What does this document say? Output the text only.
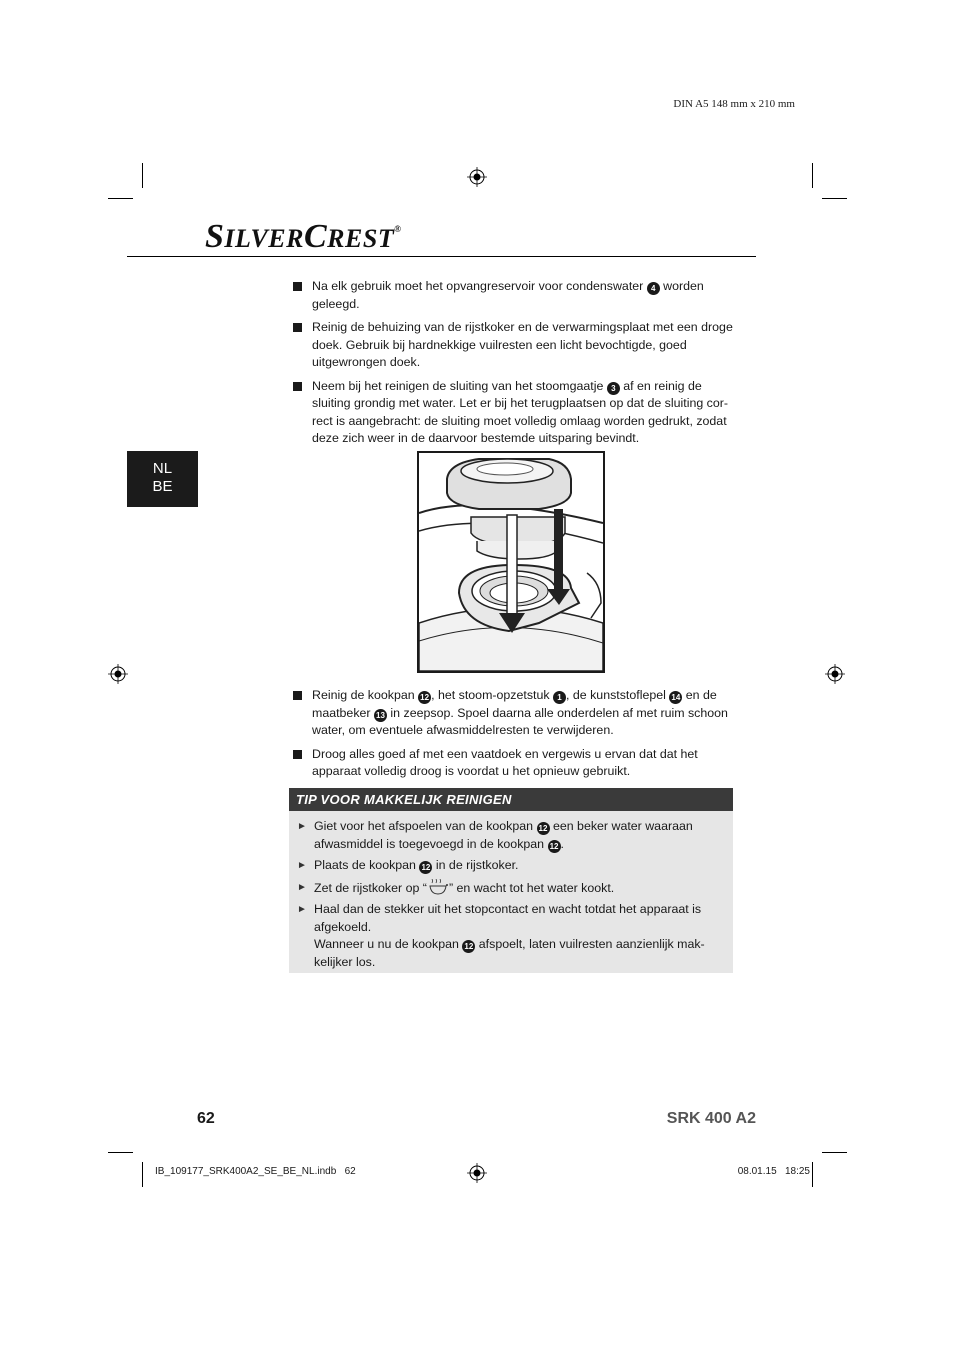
DIN A5 148 mm x 210 mm
SILVERCREST®
NL
BE
Na elk gebruik moet het opvangreservoir voor condenswater 4 worden geleegd.
Reinig de behuizing van de rijstkoker en de verwarmingsplaat met een droge doek. Gebruik bij hardnekkige vuilresten een licht bevochtigde, goed uitgewrongen doek.
Neem bij het reinigen de sluiting van het stoomgaatje 3 af en reinig de sluiting grondig met water. Let er bij het terugplaatsen op dat de sluiting cor-rect is aangebracht: de sluiting moet volledig omlaag worden gedrukt, zodat deze zich weer in de daarvoor bestemde uitsparing bevindt.
Reinig de kookpan 12 , het stoom-opzetstuk 1 , de kunststoflepel 14 en de maatbeker 13 in zeepsop. Spoel daarna alle onderdelen af met ruim schoon water, om eventuele afwasmiddelresten te verwijderen.
Droog alles goed af met een vaatdoek en vergewis u ervan dat dat het apparaat volledig droog is voordat u het opnieuw gebruikt.
TIP VOOR MAKKELIJK REINIGEN
► Giet voor het afspoelen van de kookpan 12 een beker water waaraan afwasmiddel is toegevoegd in de kookpan 12 .
► Plaats de kookpan 12 in de rijstkoker.
► Zet de rijstkoker op “ ” en wacht tot het water kookt.
► Haal dan de stekker uit het stopcontact en wacht totdat het apparaat is afgekoeld.
Wanneer u nu de kookpan 12 afspoelt, laten vuilresten aanzienlijk mak-kelijker los.
62	SRK 400 A2
IB_109177_SRK400A2_SE_BE_NL.indb   62	08.01.15   18:25
